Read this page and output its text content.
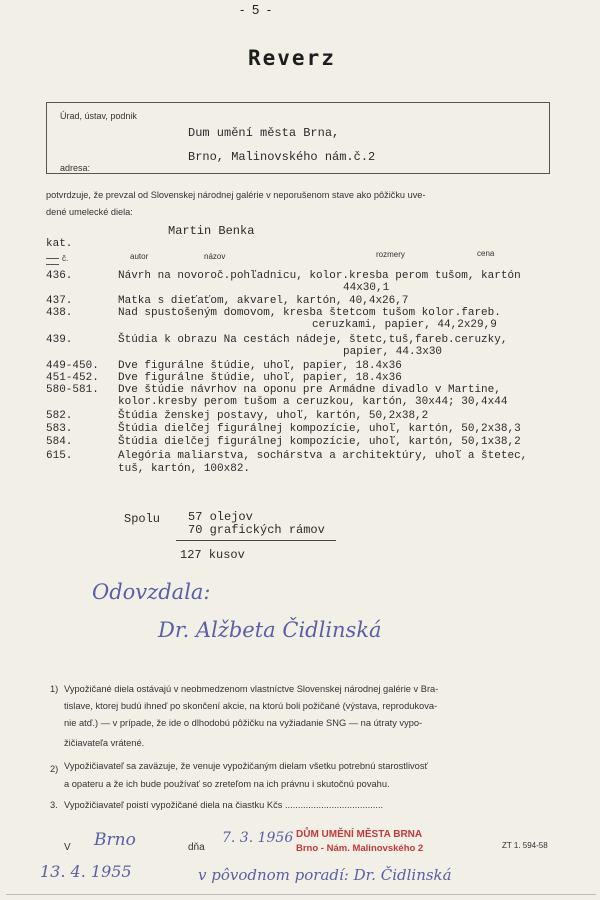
- 5 -
Reverz
Úrad, ústav, podnik
Dum umění města Brna,
Brno, Malinovského nám.č.2
adresa:
potvrdzuje, že prevzal od Slovenskej národnej galérie v neporušenom stave ako pôžičku uve-
dené umelecké diela:
Martin Benka
kat.
č.	autor	názov	rozmery	cena
436.	Návrh na novoroč.pohľadnicu, kolor.kresba perom tušom, kartón
44x30,1
437.	Matka s dieťaťom, akvarel, kartón, 40,4x26,7
438.	Nad spustošeným domovom, kresba štetcom tušom kolor.fareb.
ceruzkami, papier, 44,2x29,9
439.	Štúdia k obrazu Na cestách nádeje, štetc,tuš,fareb.ceruzky,
papier, 44.3x30
449-450. Dve figurálne štúdie, uhoľ, papier, 18.4x36
451-452. Dve figurálne štúdie, uhoľ, papier, 18.4x36
580-581. Dve štúdie návrhov na oponu pre Armádne divadlo v Martine,
kolor.kresby perom tušom a ceruzkou, kartón, 30x44; 30,4x44
582.	Štúdia ženskej postavy, uhoľ, kartón, 50,2x38,2
583.	Štúdia dielčej figurálnej kompozície, uhoľ, kartón, 50,2x38,3
584.	Štúdia dielčej figurálnej kompozície, uhoľ, kartón, 50,1x38,2
615.	Alegória maliarstva, sochárstva a architektúry, uhoľ a štetec,
tuš, kartón, 100x82.
Spolu 57 olejov
70 grafických rámov
127 kusov
Odovzdala:
Dr. Alžbeta Čidlinská
1) Vypožičané diela ostávajú v neobmedzenom vlastníctve Slovenskej národnej galérie v Bra-
tislave, ktorej budú ihneď po skončení akcie, na ktorú boli požičané (výstava, reprodukova-
nie atď.) — v prípade, že ide o dlhodobú pôžičku na vyžiadanie SNG — na útraty vypo-
žičiavateľa vrátené.
2) Vypožičiavateľ sa zaväzuje, že venuje vypožičaným dielam všetku potrebnú starostlivosť
a opateru a že ich bude používať so zreteľom na ich právnu i skutočnú povahu.
3. Vypožičiavateľ poistí vypožičané diela na čiastku Kčs ......................................
V Brno	dňa
7. 3. 1956 DŮM UMĚNÍ MĚSTA BRNA
Brno - Nám. Malinovského 2	ZT 1. 594-58
13. 4. 1955	v pôvodnom poradí: Dr. Čidlinská
